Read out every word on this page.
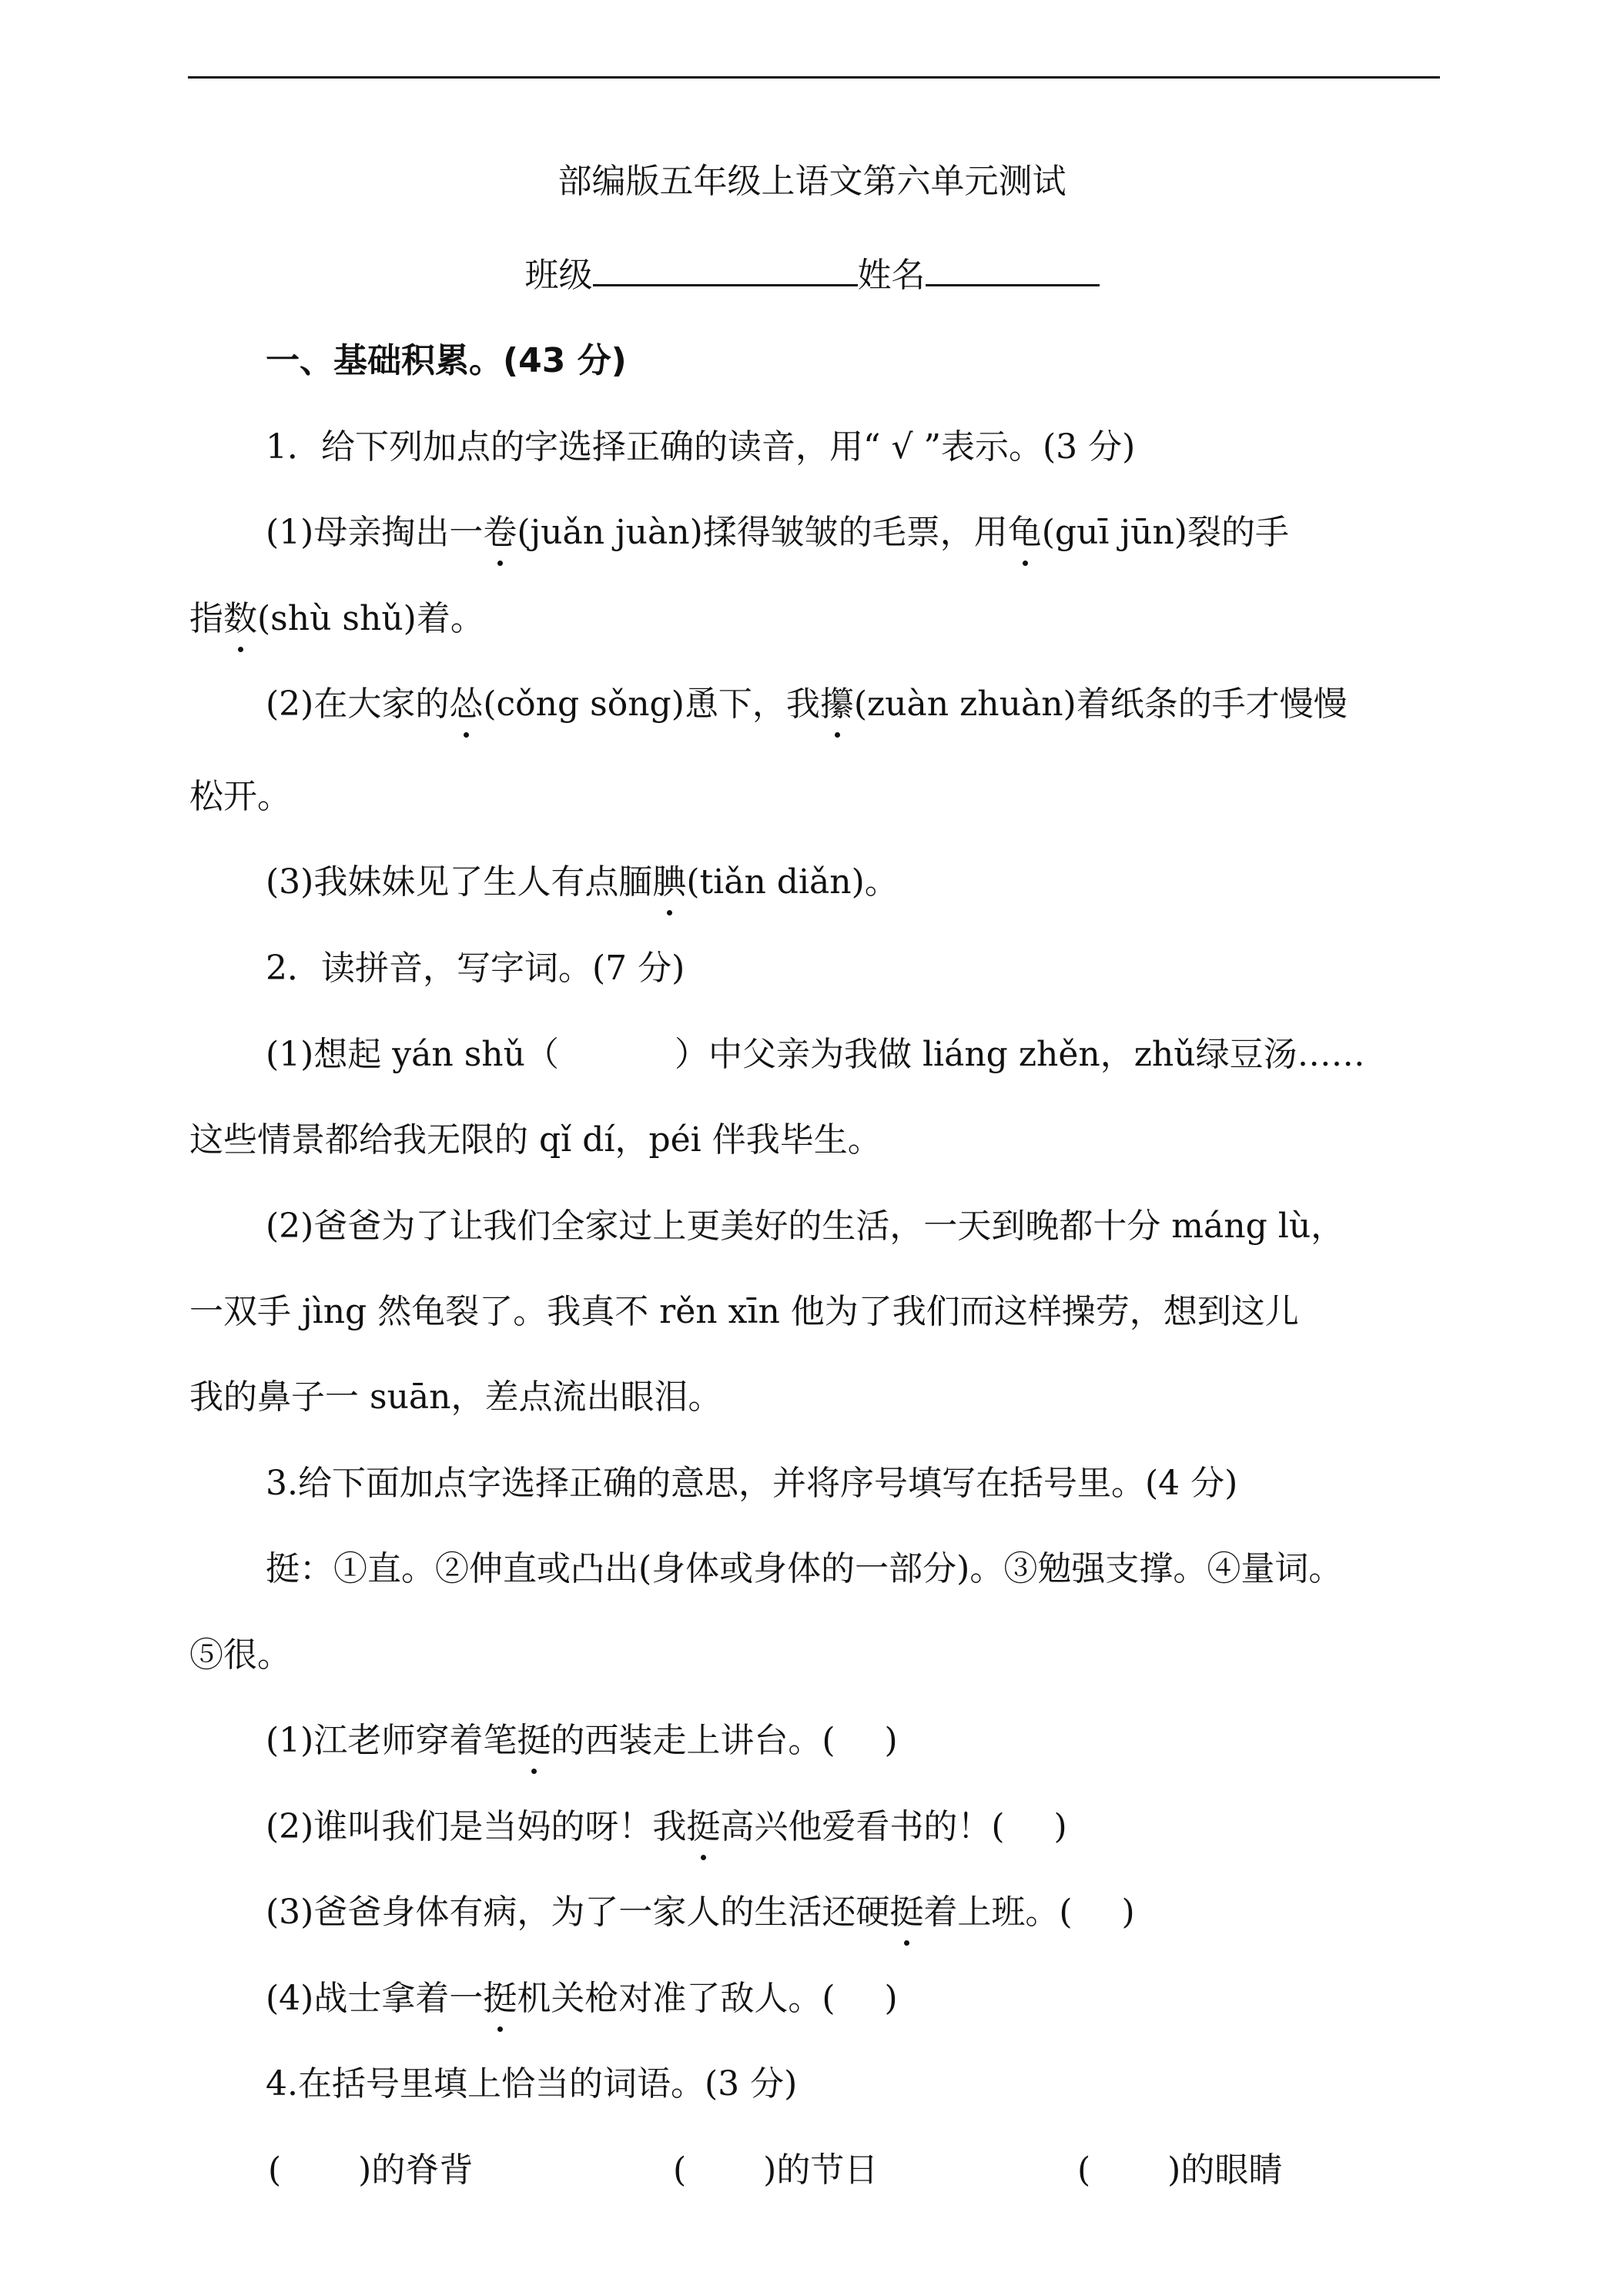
部编版五年级上语文第六单元测试
班级	姓名
一、基础积累。(43 分)
1．给下列加点的字选择正确的读音，用“ √ ”表示。(3 分)
(1)母亲掏出一卷(juǎn juàn)揉得皱皱的毛票，用龟(guī jūn)裂的手
指数(shù shǔ)着。
(2)在大家的怂(cǒng sǒng)恿下，我攥(zuàn zhuàn)着纸条的手才慢慢
松开。
(3)我妹妹见了生人有点腼腆(tiǎn diǎn)。
2．读拼音，写字词。(7 分)
(1)想起 yán shǔ（	）中父亲为我做 liáng zhěn，zhǔ绿豆汤……
这些情景都给我无限的 qǐ dí，péi 伴我毕生。
(2)爸爸为了让我们全家过上更美好的生活，一天到晚都十分 máng lù，
一双手 jìng 然龟裂了。我真不 rěn xīn 他为了我们而这样操劳，想到这儿
我的鼻子一 suān，差点流出眼泪。
3.给下面加点字选择正确的意思，并将序号填写在括号里。(4 分)
挺：①直。②伸直或凸出(身体或身体的一部分)。③勉强支撑。④量词。
⑤很。
(1)江老师穿着笔挺的西装走上讲台。( )
(2)谁叫我们是当妈的呀！我挺高兴他爱看书的！( )
(3)爸爸身体有病，为了一家人的生活还硬挺着上班。( )
(4)战士拿着一挺机关枪对准了敌人。( )
4.在括号里填上恰当的词语。(3 分)
( )的脊背	( )的节日	( )的眼睛
